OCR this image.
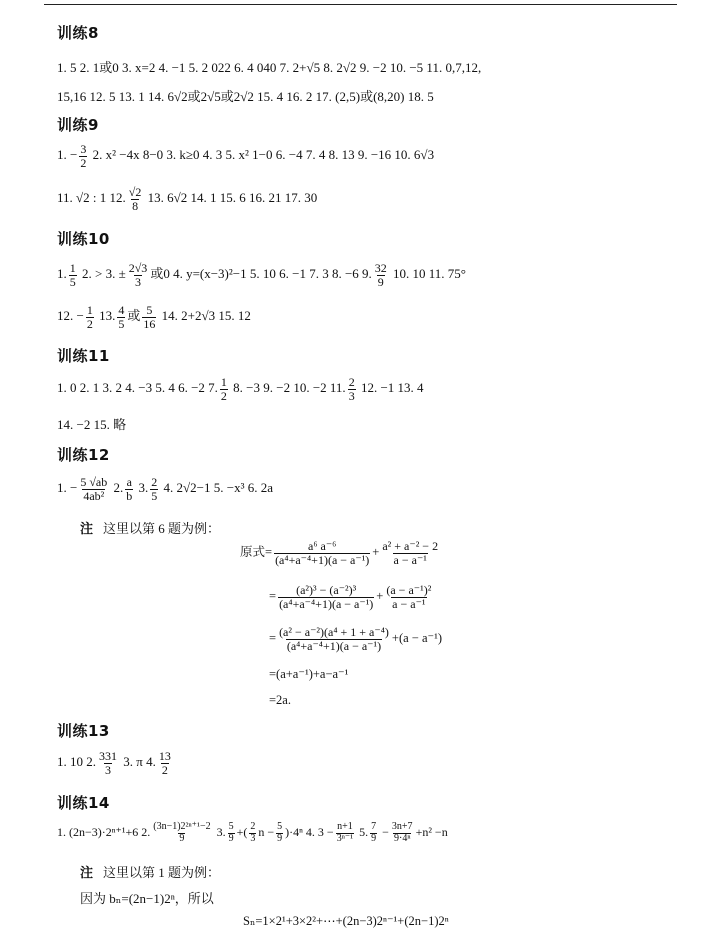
训练8
1. 5 2. 1或0 3. x=2 4. −1 5. 2 022 6. 4 040 7. 2+√5 8. 2√2 9. −2 10. −5 11. 0,7,12,
15,16 12. 5 13. 1 14. 6√2或2√5或2√2 15. 4 16. 2 17. (2,5)或(8,20) 18. 5
训练9
1. − $\frac{3}{2} 2$. x² −4x 8−0 3. k≥0 4. 3 5. x² 1−0 6. −4 7. 4 8. 13 9. −16 10. 6√3
11. √2 : 1 12. $\frac{√2}{8} 13$. 6√2 14. 1 15. 6 16. 21 17. 30
训练10
1. $\frac{1}{5} 2$. > 3. ± $\frac{2√3}{3}$ 或0 4. y=(x−3)²−1 5. 10 6. −1 7. 3 8. −6 9. $\frac{32}{9} 10$. 10 11. 75°
12. − $\frac{1}{2} 13$. $\frac{4}{5}$ 或 $\frac{5}{16} 14$. 2+2√3 15. 12
训练11
1. 0 2. 1 3. 2 4. −3 5. 4 6. −2 7. $\frac{1}{2} 8$. −3 9. −2 10. −2 11. $\frac{2}{3} 12$. −1 13. 4
14. −2 15. 略
训练12
1. − $\frac{5 √ab}{\text{4ab²}} 2$. $\frac{a}{b} 3$. $\frac{2}{5} 4$. 2√2−1 5. −x³ 6. 2a
注 这里以第 6 题为例：
原式= $\frac{\text{a⁶ a⁻⁶}}{\text{(a⁴+a⁻⁴+1)(a − a⁻¹)}} + \frac{\text{a² + a⁻² − 2}}{\text{a − a⁻¹}}$
= $\frac{\text{(a²)³ − (a⁻²)³}}{\text{(a⁴+a⁻⁴+1)(a − a⁻¹)}} + \frac{\text{(a − a⁻¹)²}}{\text{a − a⁻¹}}$
= $\frac{\text{(a² − a⁻²)(a⁴ + 1 + a⁻⁴)}}{\text{(a⁴+a⁻⁴+1)(a − a⁻¹)}} +(a - a^{-1})$
=(a+a⁻¹)+a−a⁻¹
=2a.
训练13
1. 10 2. $\frac{331}{3} 3$. π 4. $\frac{13}{2}$
训练14
1. (2n−3)·2ⁿ⁺¹+6 2. $\frac{\text{(3n−1)2²ⁿ⁺¹−2}}{9} 3$. $\frac{5}{9}$ +( $\frac{2}{3}$ $n - \frac{5}{9} )\cdot 4^n$ 4. $3 - \frac{n+1}{\text{3ⁿ⁻¹}} 5$. $\frac{7}{9} - \frac{3n+7}{\text{9·4ⁿ}} +n^2 -n$
注 这里以第 1 题为例：
因为 bₙ=(2n−1)2ⁿ，所以
Sₙ=1×2¹+3×2²+⋯+(2n−3)2ⁿ⁻¹+(2n−1)2ⁿ
